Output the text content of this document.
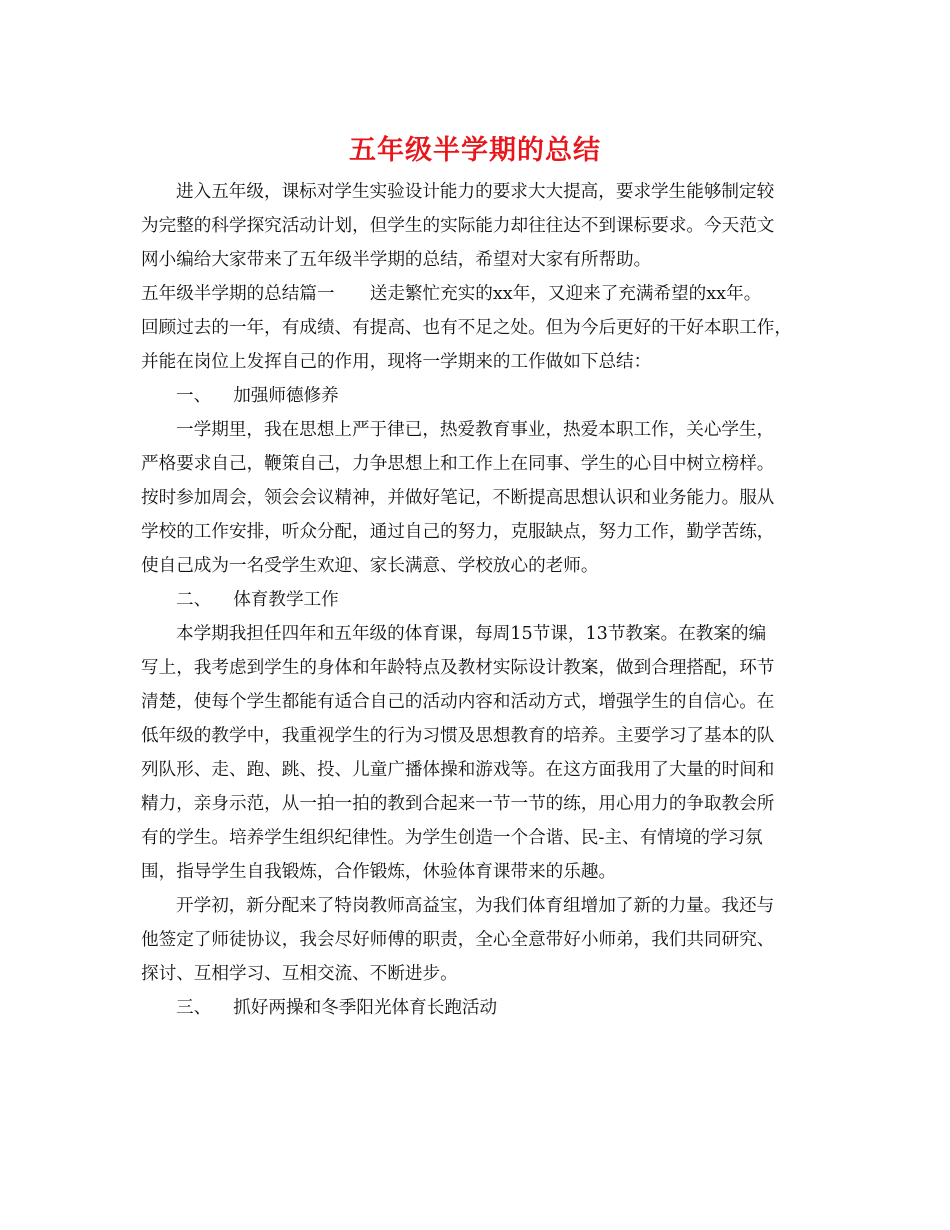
五年级半学期的总结

进入五年级，课标对学生实验设计能力的要求大大提高，要求学生能够制定较

为完整的科学探究活动计划，但学生的实际能力却往往达不到课标要求。今天范文

网小编给大家带来了五年级半学期的总结，希望对大家有所帮助。

五年级半学期的总结篇一　　送走繁忙充实的xx年，又迎来了充满希望的xx年。

回顾过去的一年，有成绩、有提高、也有不足之处。但为今后更好的干好本职工作，

并能在岗位上发挥自己的作用，现将一学期来的工作做如下总结：

一、 加强师德修养

一学期里，我在思想上严于律已，热爱教育事业，热爱本职工作，关心学生，

严格要求自己，鞭策自己，力争思想上和工作上在同事、学生的心目中树立榜样。

按时参加周会，领会会议精神，并做好笔记，不断提高思想认识和业务能力。服从

学校的工作安排，听众分配，通过自己的努力，克服缺点，努力工作，勤学苦练，

使自己成为一名受学生欢迎、家长满意、学校放心的老师。

二、 体育教学工作

本学期我担任四年和五年级的体育课，每周15节课，13节教案。在教案的编

写上，我考虑到学生的身体和年龄特点及教材实际设计教案，做到合理搭配，环节

清楚，使每个学生都能有适合自己的活动内容和活动方式，增强学生的自信心。在

低年级的教学中，我重视学生的行为习惯及思想教育的培养。主要学习了基本的队

列队形、走、跑、跳、投、儿童广播体操和游戏等。在这方面我用了大量的时间和

精力，亲身示范，从一拍一拍的教到合起来一节一节的练，用心用力的争取教会所

有的学生。培养学生组织纪律性。为学生创造一个合谐、民-主、有情境的学习氛

围，指导学生自我锻炼，合作锻炼，休验体育课带来的乐趣。

开学初，新分配来了特岗教师高益宝，为我们体育组增加了新的力量。我还与

他签定了师徒协议，我会尽好师傅的职责，全心全意带好小师弟，我们共同研究、

探讨、互相学习、互相交流、不断进步。

三、 抓好两操和冬季阳光体育长跑活动
